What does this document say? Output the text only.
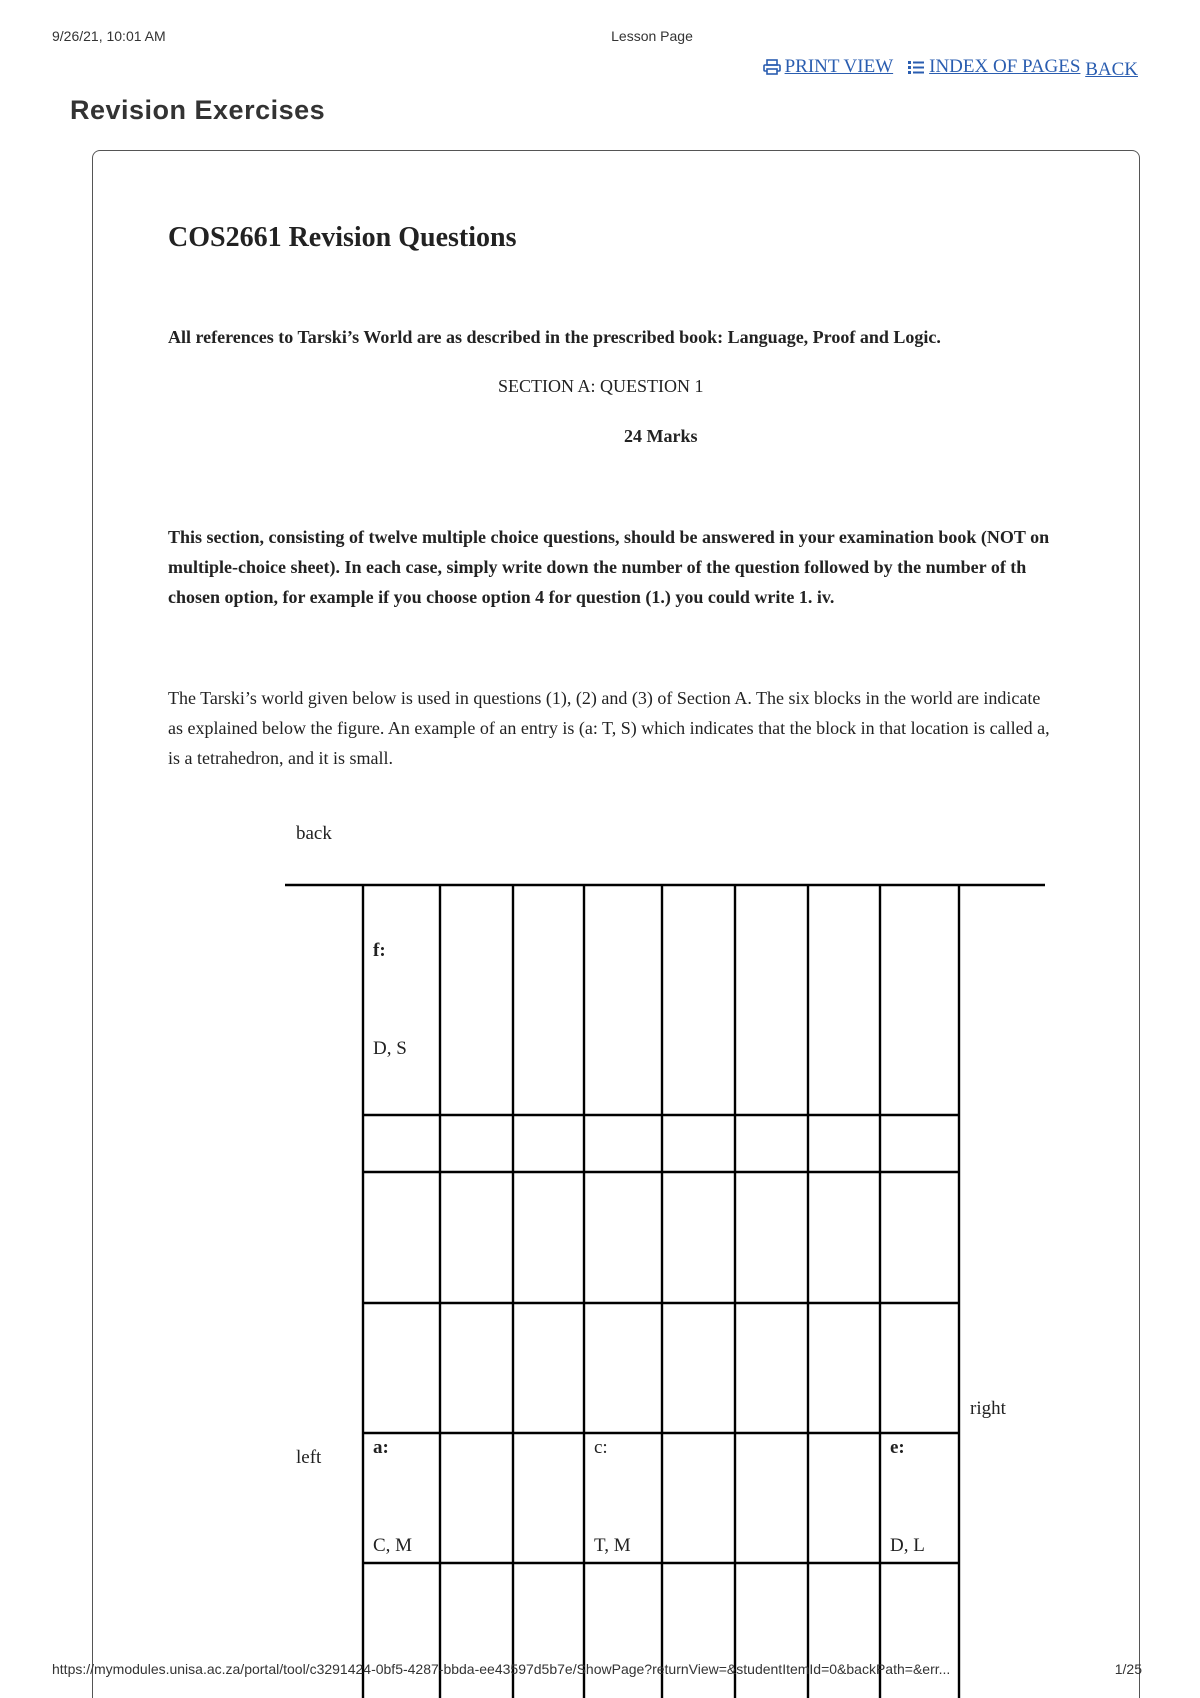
9/26/21, 10:01 AM	Lesson Page
PRINT VIEW INDEX OF PAGES BACK
Revision Exercises
COS2661 Revision Questions
All references to Tarski’s World are as described in the prescribed book: Language, Proof and Logic.
SECTION A: QUESTION 1
24 Marks
This section, consisting of twelve multiple choice questions, should be answered in your examination book (NOT on
multiple-choice sheet). In each case, simply write down the number of the question followed by the number of th
chosen option, for example if you choose option 4 for question (1.) you could write 1. iv.
The Tarski’s world given below is used in questions (1), (2) and (3) of Section A. The six blocks in the world are indicate
as explained below the figure. An example of an entry is (a: T, S) which indicates that the block in that location is called a,
is a tetrahedron, and it is small.
back
right
left
f:
D, S
a:
C, M
c:
T, M
e:
D, L
https://mymodules.unisa.ac.za/portal/tool/c3291424-0bf5-4287-bbda-ee43597d5b7e/ShowPage?returnView=&studentItemId=0&backPath=&err...	1/25
